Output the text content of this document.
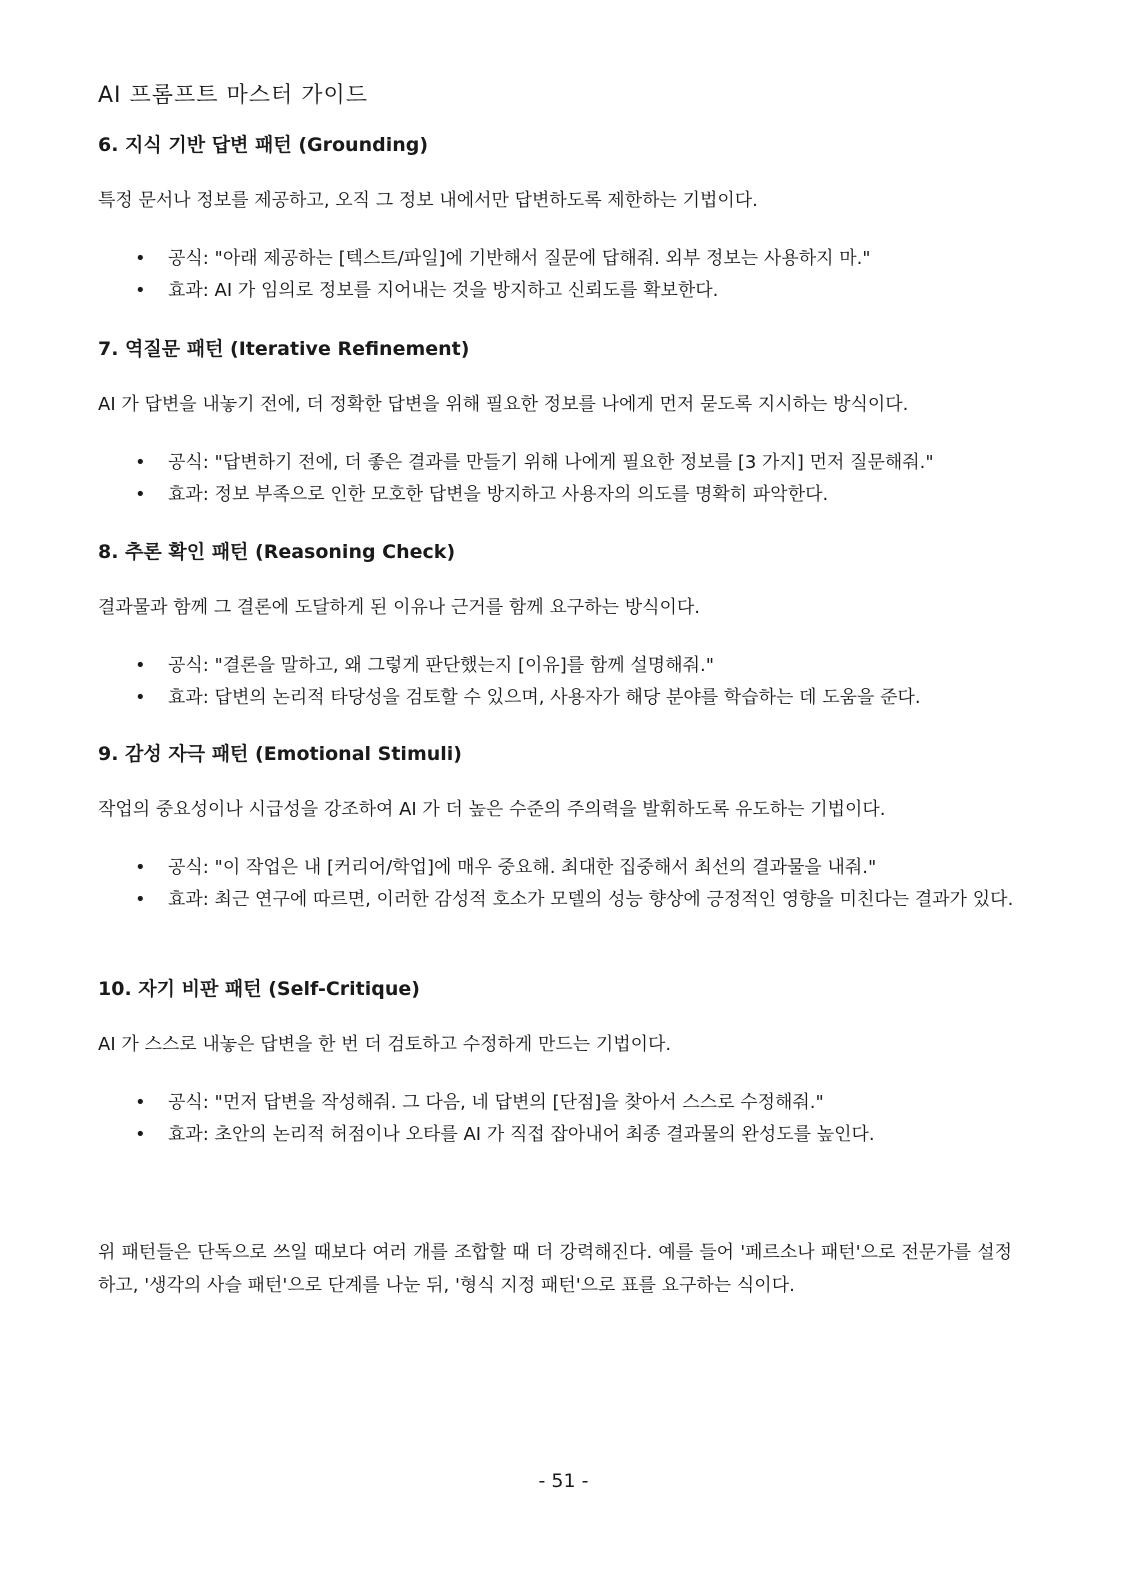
AI 프롬프트 마스터 가이드
6. 지식 기반 답변 패턴 (Grounding)

특정 문서나 정보를 제공하고, 오직 그 정보 내에서만 답변하도록 제한하는 기법이다.

• 공식: "아래 제공하는 [텍스트/파일]에 기반해서 질문에 답해줘. 외부 정보는 사용하지 마."
• 효과: AI 가 임의로 정보를 지어내는 것을 방지하고 신뢰도를 확보한다.
7. 역질문 패턴 (Iterative Refinement)

AI 가 답변을 내놓기 전에, 더 정확한 답변을 위해 필요한 정보를 나에게 먼저 묻도록 지시하는 방식이다.

• 공식: "답변하기 전에, 더 좋은 결과를 만들기 위해 나에게 필요한 정보를 [3 가지] 먼저 질문해줘."
• 효과: 정보 부족으로 인한 모호한 답변을 방지하고 사용자의 의도를 명확히 파악한다.
8. 추론 확인 패턴 (Reasoning Check)

결과물과 함께 그 결론에 도달하게 된 이유나 근거를 함께 요구하는 방식이다.

• 공식: "결론을 말하고, 왜 그렇게 판단했는지 [이유]를 함께 설명해줘."
• 효과: 답변의 논리적 타당성을 검토할 수 있으며, 사용자가 해당 분야를 학습하는 데 도움을 준다.
9. 감성 자극 패턴 (Emotional Stimuli)

작업의 중요성이나 시급성을 강조하여 AI 가 더 높은 수준의 주의력을 발휘하도록 유도하는 기법이다.

• 공식: "이 작업은 내 [커리어/학업]에 매우 중요해. 최대한 집중해서 최선의 결과물을 내줘."
• 효과: 최근 연구에 따르면, 이러한 감성적 호소가 모델의 성능 향상에 긍정적인 영향을 미친다는 결과가 있다.
10. 자기 비판 패턴 (Self-Critique)

AI 가 스스로 내놓은 답변을 한 번 더 검토하고 수정하게 만드는 기법이다.

• 공식: "먼저 답변을 작성해줘. 그 다음, 네 답변의 [단점]을 찾아서 스스로 수정해줘."
• 효과: 초안의 논리적 허점이나 오타를 AI 가 직접 잡아내어 최종 결과물의 완성도를 높인다.

위 패턴들은 단독으로 쓰일 때보다 여러 개를 조합할 때 더 강력해진다. 예를 들어 '페르소나 패턴'으로 전문가를 설정하고, '생각의 사슬 패턴'으로 단계를 나눈 뒤, '형식 지정 패턴'으로 표를 요구하는 식이다.

- 51 -
